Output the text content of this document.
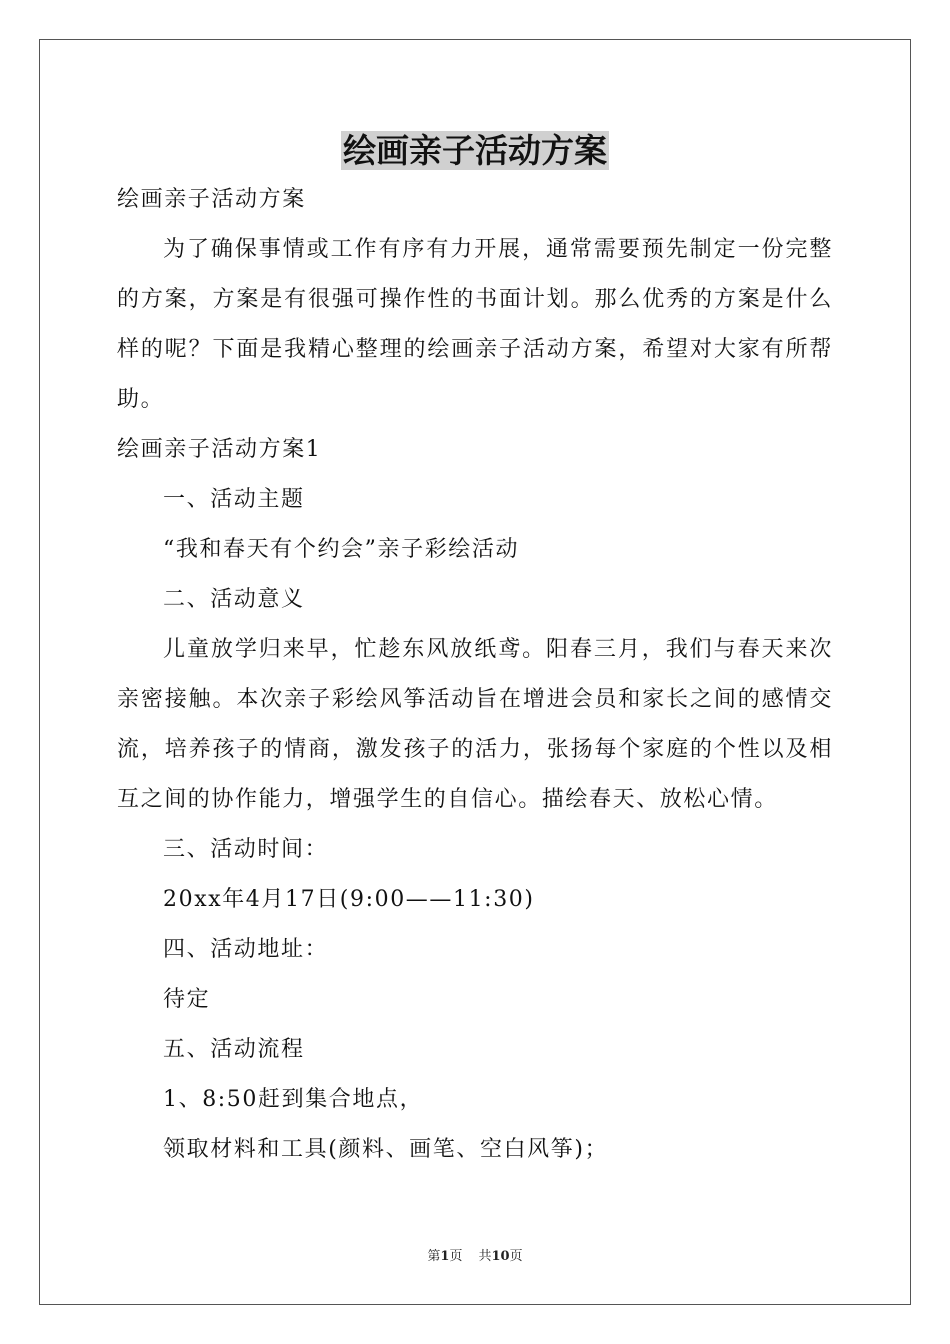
绘画亲子活动方案

绘画亲子活动方案

为了确保事情或工作有序有力开展，通常需要预先制定一份完整的方案，方案是有很强可操作性的书面计划。那么优秀的方案是什么样的呢？下面是我精心整理的绘画亲子活动方案，希望对大家有所帮助。

绘画亲子活动方案1

一、活动主题

“我和春天有个约会”亲子彩绘活动

二、活动意义

儿童放学归来早，忙趁东风放纸鸢。阳春三月，我们与春天来次亲密接触。本次亲子彩绘风筝活动旨在增进会员和家长之间的感情交流，培养孩子的情商，激发孩子的活力，张扬每个家庭的个性以及相互之间的协作能力，增强学生的自信心。描绘春天、放松心情。

三、活动时间：

20xx年4月17日(9:00——11:30)

四、活动地址：

待定

五、活动流程

1、8:50赶到集合地点，

领取材料和工具(颜料、画笔、空白风筝)；

第1页 共10页
